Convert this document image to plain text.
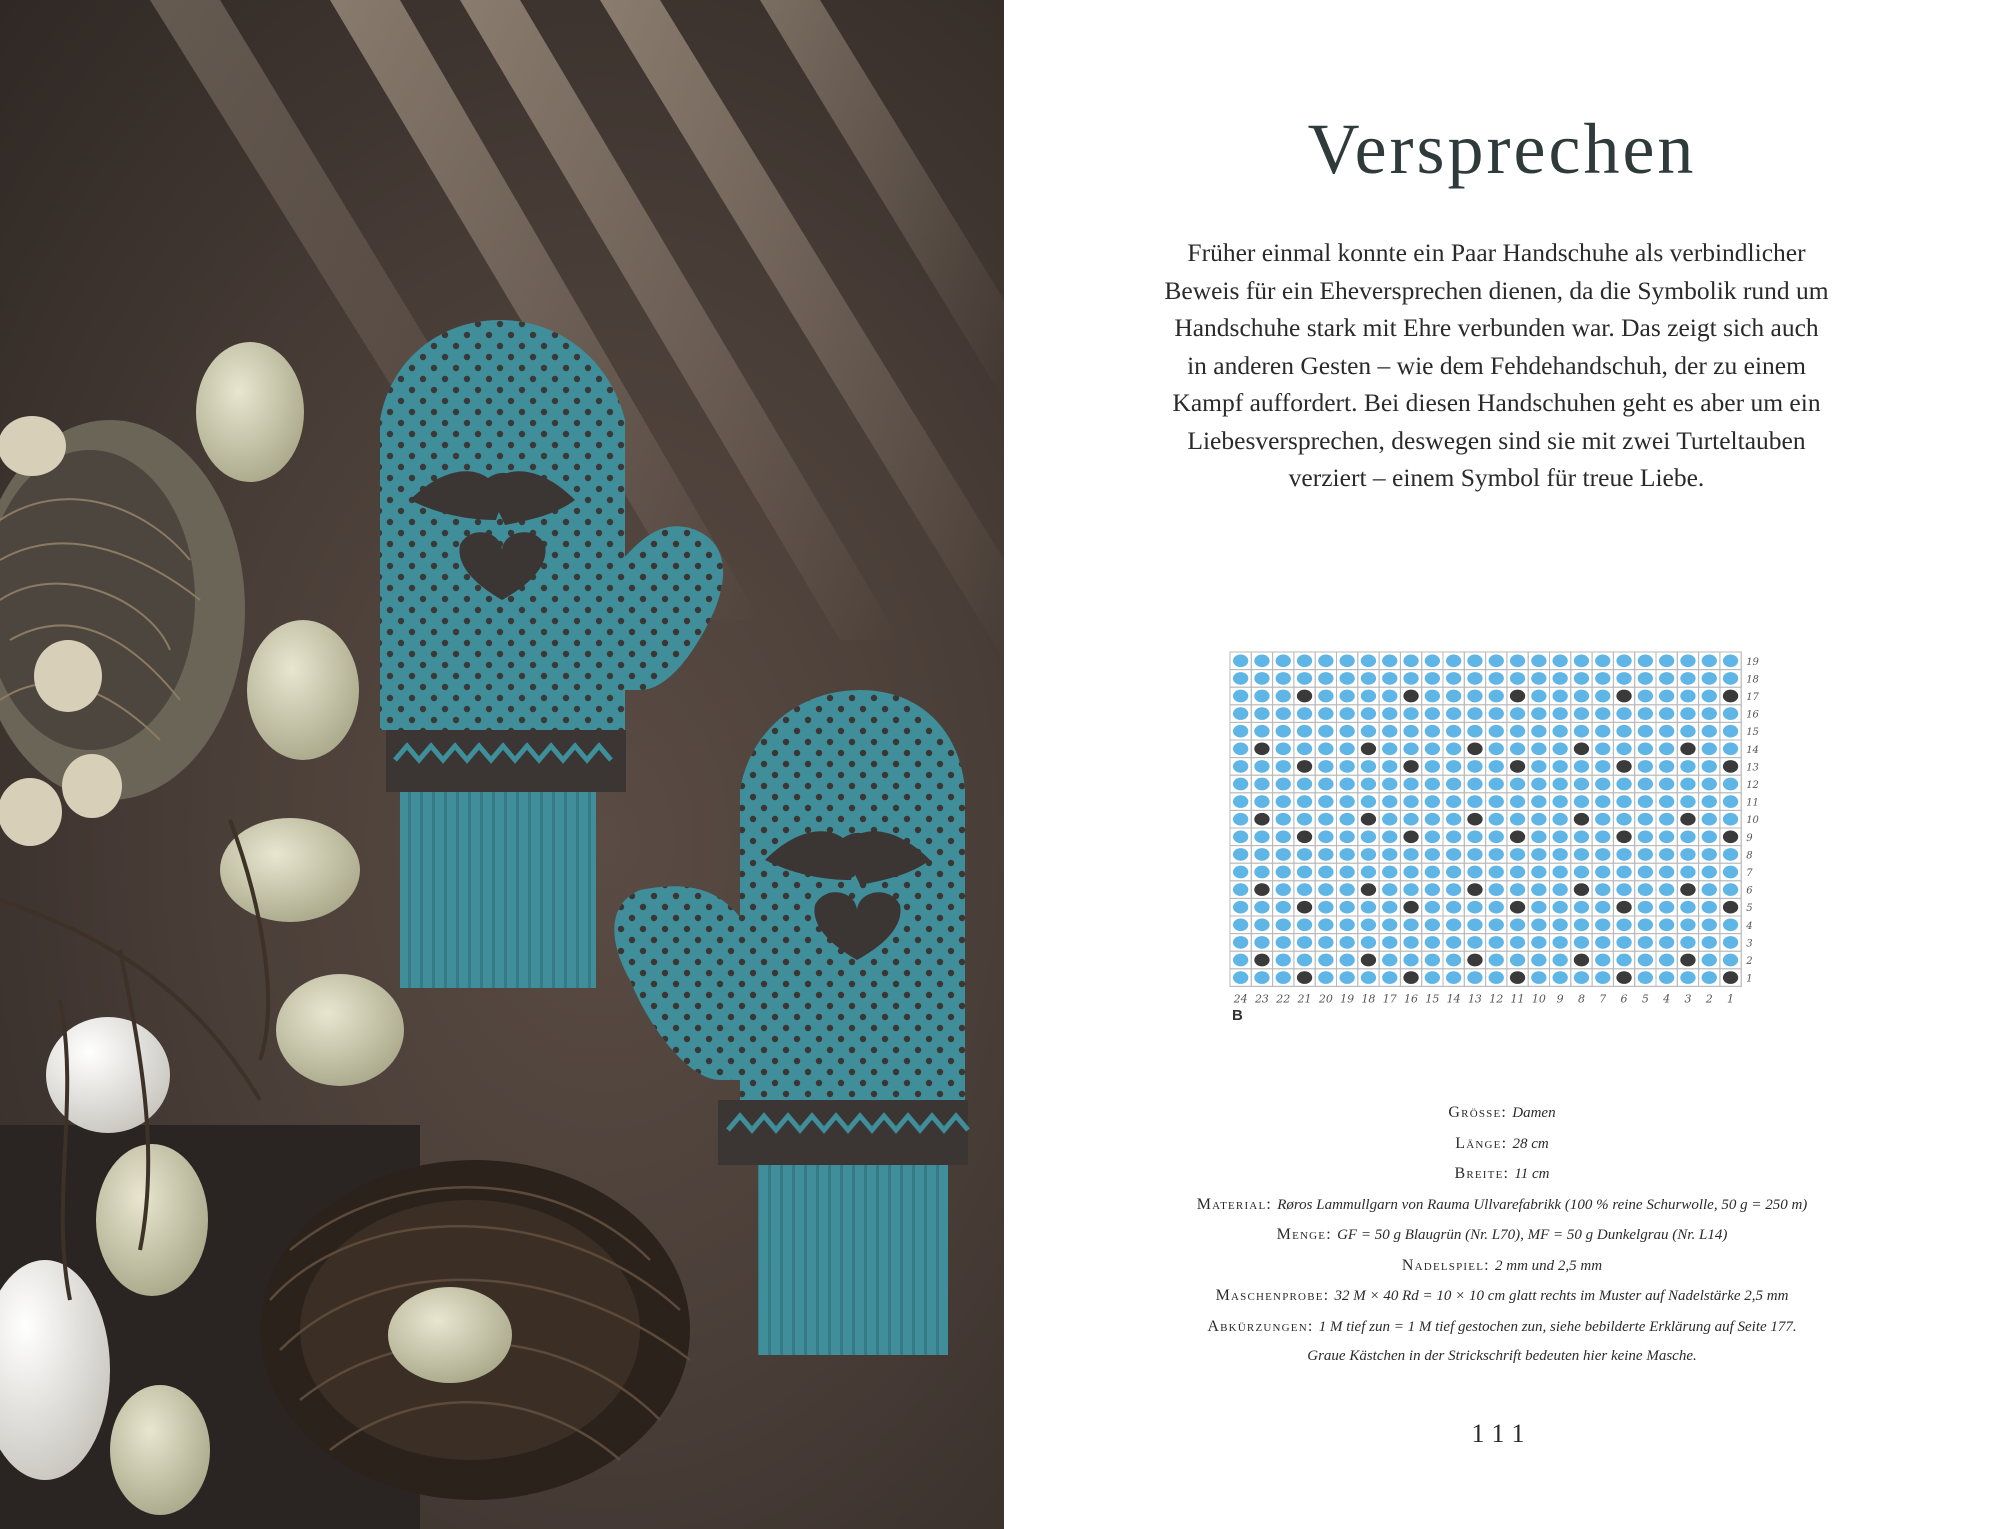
Versprechen
Früher einmal konnte ein Paar Handschuhe als verbindlicher
Beweis für ein Eheversprechen dienen, da die Symbolik rund um
Handschuhe stark mit Ehre verbunden war. Das zeigt sich auch
in anderen Gesten – wie dem Fehdehandschuh, der zu einem
Kampf auffordert. Bei diesen Handschuhen geht es aber um ein
Liebesversprechen, deswegen sind sie mit zwei Turteltauben
verziert – einem Symbol für treue Liebe.
24 23 22 21 20 19 18 17 16 15 14 13 12 11 10 9 8 7 6 5 4 3 2 1
1
2
3
4
5
6
7
8
9
10
11
12
13
14
15
16
17
18
19
B
Grösse: Damen
Länge: 28 cm
Breite: 11 cm
Material: Røros Lammullgarn von Rauma Ullvarefabrikk (100 % reine Schurwolle, 50 g = 250 m)
Menge: GF = 50 g Blaugrün (Nr. L70), MF = 50 g Dunkelgrau (Nr. L14)
Nadelspiel: 2 mm und 2,5 mm
Maschenprobe: 32 M × 40 Rd = 10 × 10 cm glatt rechts im Muster auf Nadelstärke 2,5 mm
Abkürzungen: 1 M tief zun = 1 M tief gestochen zun, siehe bebilderte Erklärung auf Seite 177.
Graue Kästchen in der Strickschrift bedeuten hier keine Masche.
111
